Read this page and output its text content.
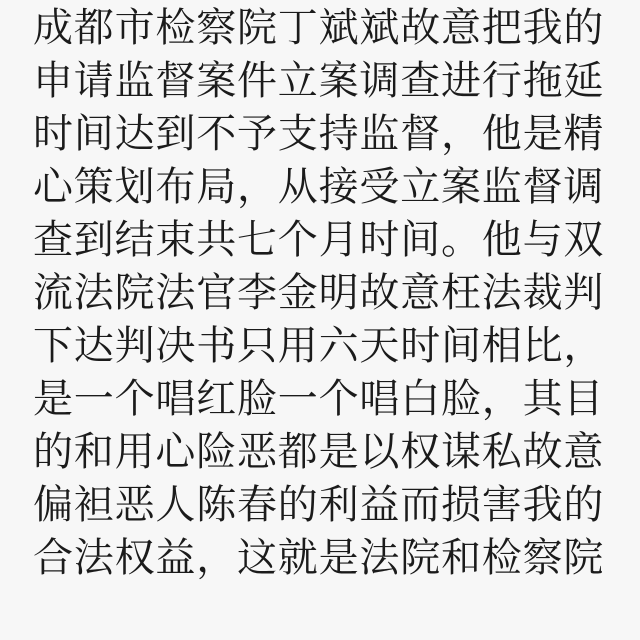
成都市检察院丁斌斌故意把我的
申请监督案件立案调查进行拖延
时间达到不予支持监督，他是精
心策划布局，从接受立案监督调
查到结束共七个月时间。他与双
流法院法官李金明故意枉法裁判
下达判决书只用六天时间相比，
是一个唱红脸一个唱白脸，其目
的和用心险恶都是以权谋私故意
偏袒恶人陈春的利益而损害我的
合法权益，这就是法院和检察院
